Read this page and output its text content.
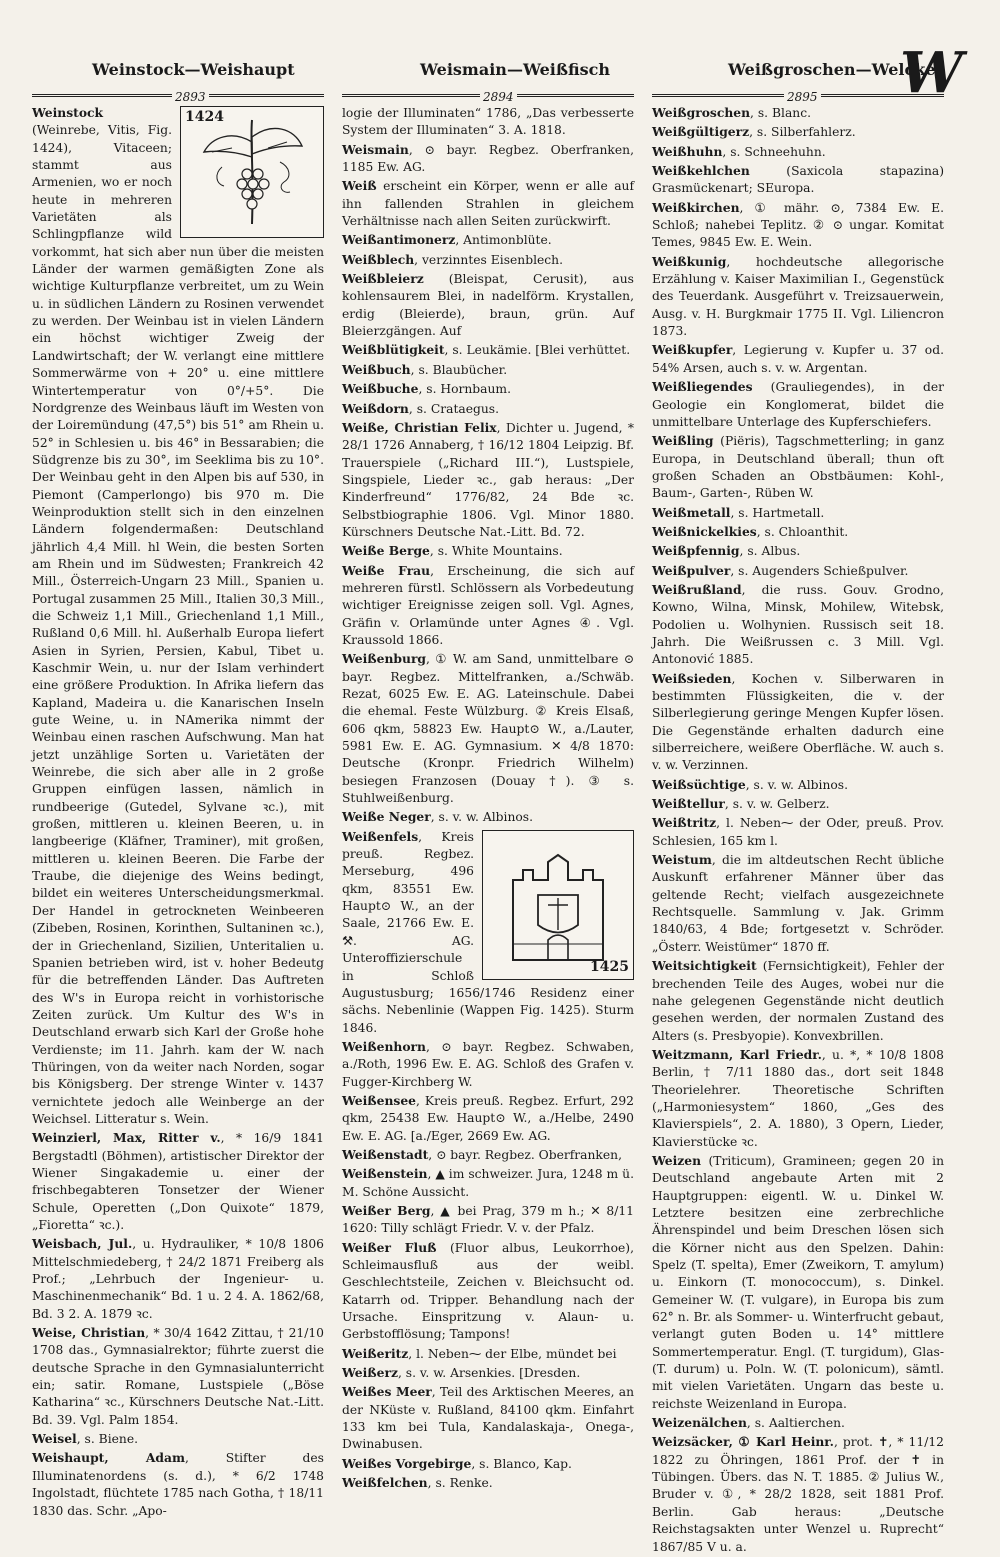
Weinstock—Weishaupt	Weismain—Weißfisch	Weißgroschen—Welcker
W
2893	2894	2895
1424

Weinstock (Weinrebe, Vitis, Fig. 1424), Vitaceen; stammt aus Armenien, wo er noch heute in mehreren Varietäten als Schlingpflanze wild vorkommt, hat sich aber nun über die meisten Länder der warmen gemäßigten Zone als wichtige Kulturpflanze verbreitet, um zu Wein u. in südlichen Ländern zu Rosinen verwendet zu werden. Der Weinbau ist in vielen Ländern ein höchst wichtiger Zweig der Landwirtschaft; der W. verlangt eine mittlere Sommerwärme von + 20° u. eine mittlere Wintertemperatur von 0°/+5°. Die Nordgrenze des Weinbaus läuft im Westen von der Loiremündung (47,5°) bis 51° am Rhein u. 52° in Schlesien u. bis 46° in Bessarabien; die Südgrenze bis zu 30°, im Seeklima bis zu 10°. Der Weinbau geht in den Alpen bis auf 530, in Piemont (Camperlongo) bis 970 m. Die Weinproduktion stellt sich in den einzelnen Ländern folgendermaßen: Deutschland jährlich 4,4 Mill. hl Wein, die besten Sorten am Rhein und im Südwesten; Frankreich 42 Mill., Österreich-Ungarn 23 Mill., Spanien u. Portugal zusammen 25 Mill., Italien 30,3 Mill., die Schweiz 1,1 Mill., Griechenland 1,1 Mill., Rußland 0,6 Mill. hl. Außerhalb Europa liefert Asien in Syrien, Persien, Kabul, Tibet u. Kaschmir Wein, u. nur der Islam verhindert eine größere Produktion. In Afrika liefern das Kapland, Madeira u. die Kanarischen Inseln gute Weine, u. in NAmerika nimmt der Weinbau einen raschen Aufschwung. Man hat jetzt unzählige Sorten u. Varietäten der Weinrebe, die sich aber alle in 2 große Gruppen einfügen lassen, nämlich in rundbeerige (Gutedel, Sylvane ꝛc.), mit großen, mittleren u. kleinen Beeren, u. in langbeerige (Kläfner, Traminer), mit großen, mittleren u. kleinen Beeren. Die Farbe der Traube, die diejenige des Weins bedingt, bildet ein weiteres Unterscheidungsmerkmal. Der Handel in getrockneten Weinbeeren (Zibeben, Rosinen, Korinthen, Sultaninen ꝛc.), der in Griechenland, Sizilien, Unteritalien u. Spanien betrieben wird, ist v. hoher Bedeutg für die betreffenden Länder. Das Auftreten des W's in Europa reicht in vorhistorische Zeiten zurück. Um Kultur des W's in Deutschland erwarb sich Karl der Große hohe Verdienste; im 11. Jahrh. kam der W. nach Thüringen, von da weiter nach Norden, sogar bis Königsberg. Der strenge Winter v. 1437 vernichtete jedoch alle Weinberge an der Weichsel. Litteratur s. Wein.

Weinzierl, Max, Ritter v., * 16/9 1841 Bergstadtl (Böhmen), artistischer Direktor der Wiener Singakademie u. einer der frischbegabteren Tonsetzer der Wiener Schule, Operetten („Don Quixote“ 1879, „Fioretta“ ꝛc.).

Weisbach, Jul., u. Hydrauliker, * 10/8 1806 Mittelschmiedeberg, † 24/2 1871 Freiberg als Prof.; „Lehrbuch der Ingenieur- u. Maschinenmechanik“ Bd. 1 u. 2 4. A. 1862/68, Bd. 3 2. A. 1879 ꝛc.

Weise, Christian, * 30/4 1642 Zittau, † 21/10 1708 das., Gymnasialrektor; führte zuerst die deutsche Sprache in den Gymnasialunterricht ein; satir. Romane, Lustspiele („Böse Katharina“ ꝛc., Kürschners Deutsche Nat.-Litt. Bd. 39. Vgl. Palm 1854.

Weisel, s. Biene.

Weishaupt, Adam, Stifter des Illuminatenordens (s. d.), * 6/2 1748 Ingolstadt, flüchtete 1785 nach Gotha, † 18/11 1830 das. Schr. „Apo-

logie der Illuminaten“ 1786, „Das verbesserte System der Illuminaten“ 3. A. 1818.

Weismain, ⊙ bayr. Regbez. Oberfranken, 1185 Ew. AG.

Weiß erscheint ein Körper, wenn er alle auf ihn fallenden Strahlen in gleichem Verhältnisse nach allen Seiten zurückwirft.

Weißantimonerz, Antimonblüte.

Weißblech, verzinntes Eisenblech.

Weißbleierz (Bleispat, Cerusit), aus kohlensaurem Blei, in nadelförm. Krystallen, erdig (Bleierde), braun, grün. Auf Bleierzgängen. Auf

Weißblütigkeit, s. Leukämie. [Blei verhüttet.

Weißbuch, s. Blaubücher.

Weißbuche, s. Hornbaum.

Weißdorn, s. Crataegus.

Weiße, Christian Felix, Dichter u. Jugend, * 28/1 1726 Annaberg, † 16/12 1804 Leipzig. Bf. Trauerspiele („Richard III.“), Lustspiele, Singspiele, Lieder ꝛc., gab heraus: „Der Kinderfreund“ 1776/82, 24 Bde ꝛc. Selbstbiographie 1806. Vgl. Minor 1880. Kürschners Deutsche Nat.-Litt. Bd. 72.

Weiße Berge, s. White Mountains.

Weiße Frau, Erscheinung, die sich auf mehreren fürstl. Schlössern als Vorbedeutung wichtiger Ereignisse zeigen soll. Vgl. Agnes, Gräfin v. Orlamünde unter Agnes ④. Vgl. Kraussold 1866.

Weißenburg, ① W. am Sand, unmittelbare ⊙ bayr. Regbez. Mittelfranken, a./Schwäb. Rezat, 6025 Ew. E. AG. Lateinschule. Dabei die ehemal. Feste Wülzburg. ② Kreis Elsaß, 606 qkm, 58823 Ew. Haupt⊙ W., a./Lauter, 5981 Ew. E. AG. Gymnasium. ✕ 4/8 1870: Deutsche (Kronpr. Friedrich Wilhelm) besiegen Franzosen (Douay †). ③ s. Stuhlweißenburg.

Weiße Neger, s. v. w. Albinos.

1425

Weißenfels, Kreis preuß. Regbez. Merseburg, 496 qkm, 83551 Ew. Haupt⊙ W., an der Saale, 21766 Ew. E. ⚒. AG. Unteroffizierschule in Schloß Augustusburg; 1656/1746 Residenz einer sächs. Nebenlinie (Wappen Fig. 1425). Sturm 1846.

Weißenhorn, ⊙ bayr. Regbez. Schwaben, a./Roth, 1996 Ew. E. AG. Schloß des Grafen v. Fugger-Kirchberg W.

Weißensee, Kreis preuß. Regbez. Erfurt, 292 qkm, 25438 Ew. Haupt⊙ W., a./Helbe, 2490 Ew. E. AG. [a./Eger, 2669 Ew. AG.

Weißenstadt, ⊙ bayr. Regbez. Oberfranken,

Weißenstein, ▲ im schweizer. Jura, 1248 m ü. M. Schöne Aussicht.

Weißer Berg, ▲ bei Prag, 379 m h.; ✕ 8/11 1620: Tilly schlägt Friedr. V. v. der Pfalz.

Weißer Fluß (Fluor albus, Leukorrhoe), Schleimausfluß aus der weibl. Geschlechtsteile, Zeichen v. Bleichsucht od. Katarrh od. Tripper. Behandlung nach der Ursache. Einspritzung v. Alaun- u. Gerbstofflösung; Tampons!

Weißeritz, l. Neben⁓ der Elbe, mündet bei

Weißerz, s. v. w. Arsenkies. [Dresden.

Weißes Meer, Teil des Arktischen Meeres, an der NKüste v. Rußland, 84100 qkm. Einfahrt 133 km bei Tula, Kandalaskaja-, Onega-, Dwinabusen.

Weißes Vorgebirge, s. Blanco, Kap.

Weißfelchen, s. Renke.

Weißgroschen, s. Blanc.

Weißgültigerz, s. Silberfahlerz.

Weißhuhn, s. Schneehuhn.

Weißkehlchen (Saxicola stapazina) Grasmückenart; SEuropa.

Weißkirchen, ① mähr. ⊙, 7384 Ew. E. Schloß; nahebei Teplitz. ② ⊙ ungar. Komitat Temes, 9845 Ew. E. Wein.

Weißkunig, hochdeutsche allegorische Erzählung v. Kaiser Maximilian I., Gegenstück des Teuerdank. Ausgeführt v. Treizsauerwein, Ausg. v. H. Burgkmair 1775 II. Vgl. Liliencron 1873.

Weißkupfer, Legierung v. Kupfer u. 37 od. 54% Arsen, auch s. v. w. Argentan.

Weißliegendes (Grauliegendes), in der Geologie ein Konglomerat, bildet die unmittelbare Unterlage des Kupferschiefers.

Weißling (Piëris), Tagschmetterling; in ganz Europa, in Deutschland überall; thun oft großen Schaden an Obstbäumen: Kohl-, Baum-, Garten-, Rüben W.

Weißmetall, s. Hartmetall.

Weißnickelkies, s. Chloanthit.

Weißpfennig, s. Albus.

Weißpulver, s. Augenders Schießpulver.

Weißrußland, die russ. Gouv. Grodno, Kowno, Wilna, Minsk, Mohilew, Witebsk, Podolien u. Wolhynien. Russisch seit 18. Jahrh. Die Weißrussen c. 3 Mill. Vgl. Antonović 1885.

Weißsieden, Kochen v. Silberwaren in bestimmten Flüssigkeiten, die v. der Silberlegierung geringe Mengen Kupfer lösen. Die Gegenstände erhalten dadurch eine silberreichere, weißere Oberfläche. W. auch s. v. w. Verzinnen.

Weißsüchtige, s. v. w. Albinos.

Weißtellur, s. v. w. Gelberz.

Weißtritz, l. Neben⁓ der Oder, preuß. Prov. Schlesien, 165 km l.

Weistum, die im altdeutschen Recht übliche Auskunft erfahrener Männer über das geltende Recht; vielfach ausgezeichnete Rechtsquelle. Sammlung v. Jak. Grimm 1840/63, 4 Bde; fortgesetzt v. Schröder. „Österr. Weistümer“ 1870 ff.

Weitsichtigkeit (Fernsichtigkeit), Fehler der brechenden Teile des Auges, wobei nur die nahe gelegenen Gegenstände nicht deutlich gesehen werden, der normalen Zustand des Alters (s. Presbyopie). Konvexbrillen.

Weitzmann, Karl Friedr., u. *, * 10/8 1808 Berlin, † 7/11 1880 das., dort seit 1848 Theorielehrer. Theoretische Schriften („Harmoniesystem“ 1860, „Ges des Klavierspiels“, 2. A. 1880), 3 Opern, Lieder, Klavierstücke ꝛc.

Weizen (Triticum), Gramineen; gegen 20 in Deutschland angebaute Arten mit 2 Hauptgruppen: eigentl. W. u. Dinkel W. Letztere besitzen eine zerbrechliche Ährenspindel und beim Dreschen lösen sich die Körner nicht aus den Spelzen. Dahin: Spelz (T. spelta), Emer (Zweikorn, T. amylum) u. Einkorn (T. monococcum), s. Dinkel. Gemeiner W. (T. vulgare), in Europa bis zum 62° n. Br. als Sommer- u. Winterfrucht gebaut, verlangt guten Boden u. 14° mittlere Sommertemperatur. Engl. (T. turgidum), Glas- (T. durum) u. Poln. W. (T. polonicum), sämtl. mit vielen Varietäten. Ungarn das beste u. reichste Weizenland in Europa.

Weizenälchen, s. Aaltierchen.

Weizsäcker, ① Karl Heinr., prot. ✝, * 11/12 1822 zu Öhringen, 1861 Prof. der ✝ in Tübingen. Übers. das N. T. 1885. ② Julius W., Bruder v. ①, * 28/2 1828, seit 1881 Prof. Berlin. Gab heraus: „Deutsche Reichstagsakten unter Wenzel u. Ruprecht“ 1867/85 V u. a.
